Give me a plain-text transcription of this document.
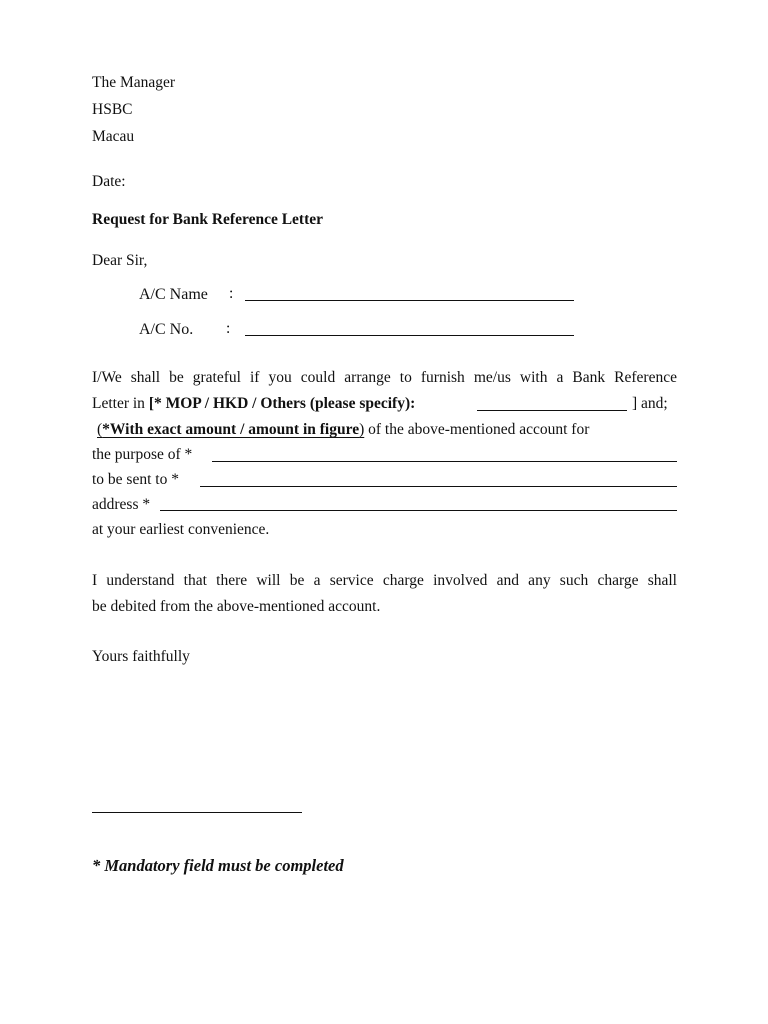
The Manager
HSBC
Macau
Date:
Request for Bank Reference Letter
Dear Sir,
A/C Name :
A/C No. :
I/We shall be grateful if you could arrange to furnish me/us with a Bank Reference
Letter in [* MOP / HKD / Others (please specify):	] and;
(*With exact amount / amount in figure) of the above-mentioned account for
the purpose of *
to be sent to *
address *
at your earliest convenience.
I understand that there will be a service charge involved and any such charge shall
be debited from the above-mentioned account.
Yours faithfully
* Mandatory field must be completed
